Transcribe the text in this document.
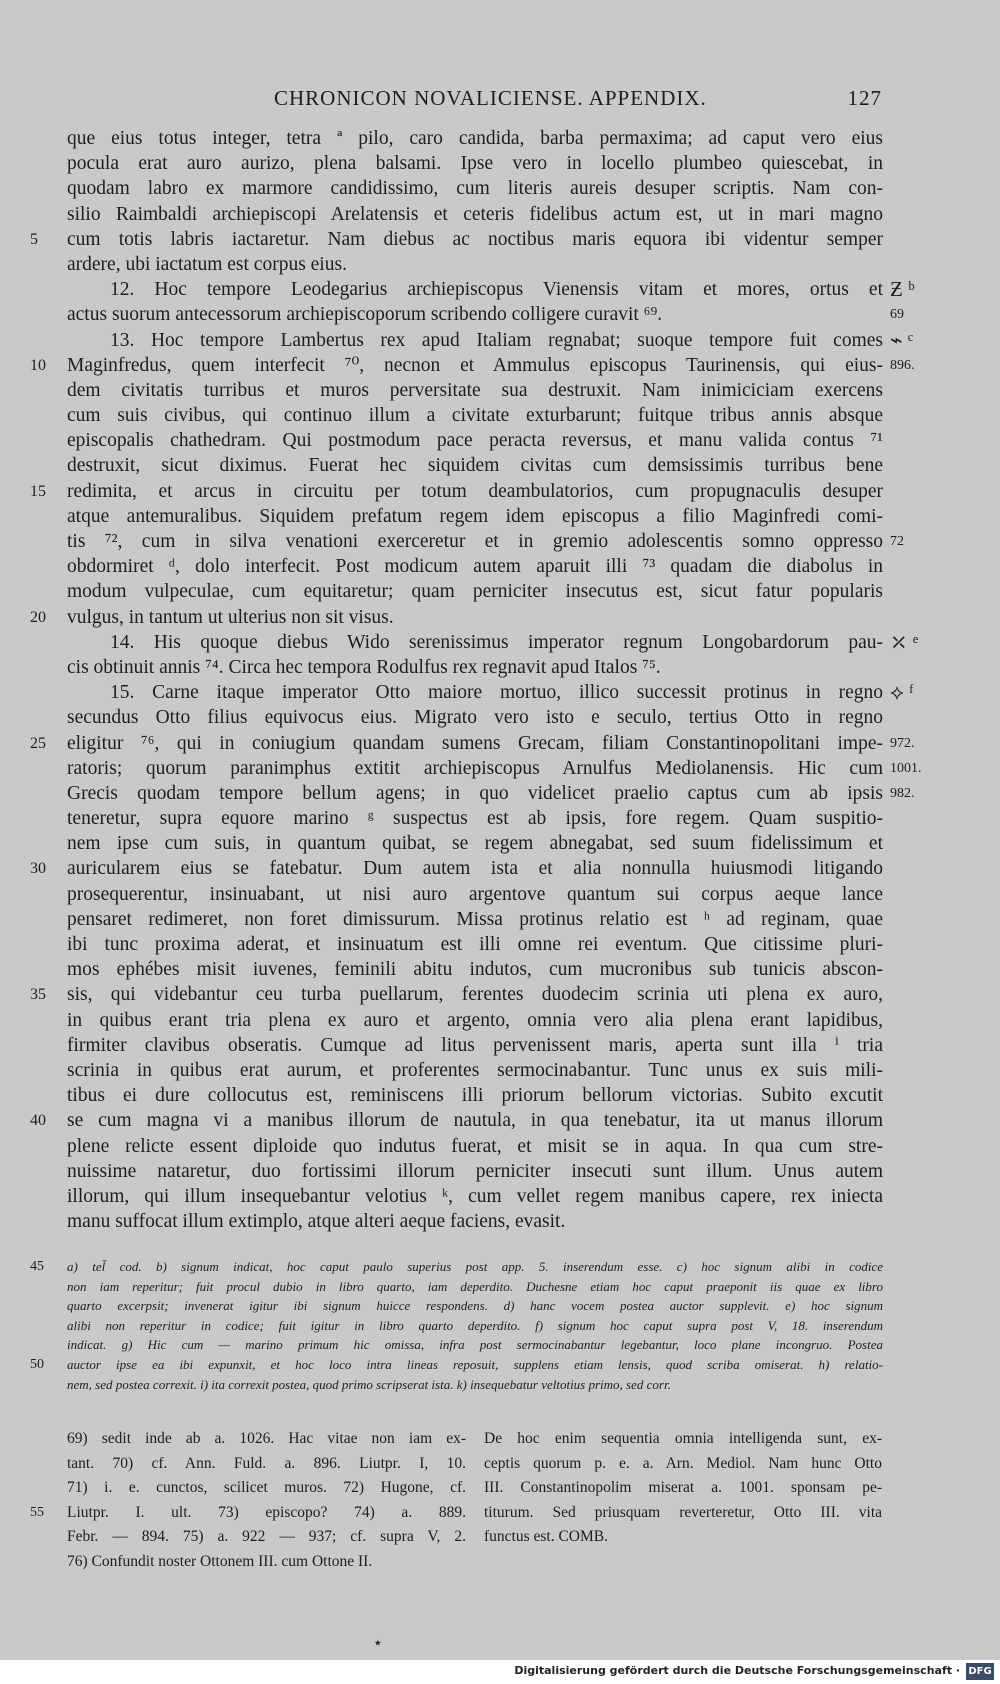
CHRONICON NOVALICIENSE. APPENDIX.	127
que eius totus integer, tetra ª pilo, caro candida, barba permaxima; ad caput vero eius
pocula erat auro aurizo, plena balsami. Ipse vero in locello plumbeo quiescebat, in
quodam labro ex marmore candidissimo, cum literis aureis desuper scriptis. Nam con-
silio Raimbaldi archiepiscopi Arelatensis et ceteris fidelibus actum est, ut in mari magno
5	cum totis labris iactaretur. Nam diebus ac noctibus maris equora ibi videntur semper
ardere, ubi iactatum est corpus eius.
12. Hoc tempore Leodegarius archiepiscopus Vienensis vitam et mores, ortus et Ƶ ᵇ
actus suorum antecessorum archiepiscoporum scribendo colligere curavit ⁶⁹.	69
13. Hoc tempore Lambertus rex apud Italiam regnabat; suoque tempore fuit comes ⌁ ᶜ
10	Maginfredus, quem interfecit ⁷⁰, necnon et Ammulus episcopus Taurinensis, qui eius- 896.
dem civitatis turribus et muros perversitate sua destruxit. Nam inimiciciam exercens
cum suis civibus, qui continuo illum a civitate exturbarunt; fuitque tribus annis absque
episcopalis chathedram. Qui postmodum pace peracta reversus, et manu valida contus ⁷¹
destruxit, sicut diximus. Fuerat hec siquidem civitas cum demsissimis turribus bene
15	redimita, et arcus in circuitu per totum deambulatorios, cum propugnaculis desuper
atque antemuralibus. Siquidem prefatum regem idem episcopus a filio Maginfredi comi-
tis ⁷², cum in silva venationi exerceretur et in gremio adolescentis somno oppresso 72
obdormiret ᵈ, dolo interfecit. Post modicum autem aparuit illi ⁷³ quadam die diabolus in
modum vulpeculae, cum equitaretur; quam perniciter insecutus est, sicut fatur popularis
20	vulgus, in tantum ut ulterius non sit visus.
14. His quoque diebus Wido serenissimus imperator regnum Longobardorum pau- ⤫ ᵉ
cis obtinuit annis ⁷⁴. Circa hec tempora Rodulfus rex regnavit apud Italos ⁷⁵.
15. Carne itaque imperator Otto maiore mortuo, illico successit protinus in regno ⟡ ᶠ
secundus Otto filius equivocus eius. Migrato vero isto e seculo, tertius Otto in regno
25	eligitur ⁷⁶, qui in coniugium quandam sumens Grecam, filiam Constantinopolitani impe- 972.
ratoris; quorum paranimphus extitit archiepiscopus Arnulfus Mediolanensis. Hic cum 1001.
Grecis quodam tempore bellum agens; in quo videlicet praelio captus cum ab ipsis 982.
teneretur, supra equore marino ᵍ suspectus est ab ipsis, fore regem. Quam suspitio-
nem ipse cum suis, in quantum quibat, se regem abnegabat, sed suum fidelissimum et
30	auricularem eius se fatebatur. Dum autem ista et alia nonnulla huiusmodi litigando
prosequerentur, insinuabant, ut nisi auro argentove quantum sui corpus aeque lance
pensaret redimeret, non foret dimissurum. Missa protinus relatio est ʰ ad reginam, quae
ibi tunc proxima aderat, et insinuatum est illi omne rei eventum. Que citissime pluri-
mos ephébes misit iuvenes, feminili abitu indutos, cum mucronibus sub tunicis abscon-
35	sis, qui videbantur ceu turba puellarum, ferentes duodecim scrinia uti plena ex auro,
in quibus erant tria plena ex auro et argento, omnia vero alia plena erant lapidibus,
firmiter clavibus obseratis. Cumque ad litus pervenissent maris, aperta sunt illa ⁱ tria
scrinia in quibus erat aurum, et proferentes sermocinabantur. Tunc unus ex suis mili-
tibus ei dure collocutus est, reminiscens illi priorum bellorum victorias. Subito excutit
40	se cum magna vi a manibus illorum de nautula, in qua tenebatur, ita ut manus illorum
plene relicte essent diploide quo indutus fuerat, et misit se in aqua. In qua cum stre-
nuissime nataretur, duo fortissimi illorum perniciter insecuti sunt illum. Unus autem
illorum, qui illum insequebantur velotius ᵏ, cum vellet regem manibus capere, rex iniecta
manu suffocat illum extimplo, atque alteri aeque faciens, evasit.
45	a) tel̃ cod. b) signum indicat, hoc caput paulo superius post app. 5. inserendum esse. c) hoc signum alibi in codice
non iam reperitur; fuit procul dubio in libro quarto, iam deperdito. Duchesne etiam hoc caput praeponit iis quae ex libro
quarto excerpsit; invenerat igitur ibi signum huicce respondens. d) hanc vocem postea auctor supplevit. e) hoc signum
alibi non reperitur in codice; fuit igitur in libro quarto deperdito. f) signum hoc caput supra post V, 18. inserendum
indicat. g) Hic cum — marino primum hic omissa, infra post sermocinabantur legebantur, loco plane incongruo. Postea
50	auctor ipse ea ibi expunxit, et hoc loco intra lineas reposuit, supplens etiam lensis, quod scriba omiserat. h) relatio-
nem, sed postea correxit. i) ita correxit postea, quod primo scripserat ista. k) insequebatur veltotius primo, sed corr.
69) sedit inde ab a. 1026. Hac vitae non iam ex- De hoc enim sequentia omnia intelligenda sunt, ex-
tant. 70) cf. Ann. Fuld. a. 896. Liutpr. I, 10. ceptis quorum p. e. a. Arn. Mediol. Nam hunc Otto
71) i. e. cunctos, scilicet muros. 72) Hugone, cf. III. Constantinopolim miserat a. 1001. sponsam pe-
55	Liutpr. I. ult. 73) episcopo? 74) a. 889. titurum. Sed priusquam reverteretur, Otto III. vita
Febr. — 894. 75) a. 922 — 937; cf. supra V, 2. functus est. COMB.
76) Confundit noster Ottonem III. cum Ottone II.
٭
Digitalisierung gefördert durch die Deutsche Forschungsgemeinschaft · DFG
